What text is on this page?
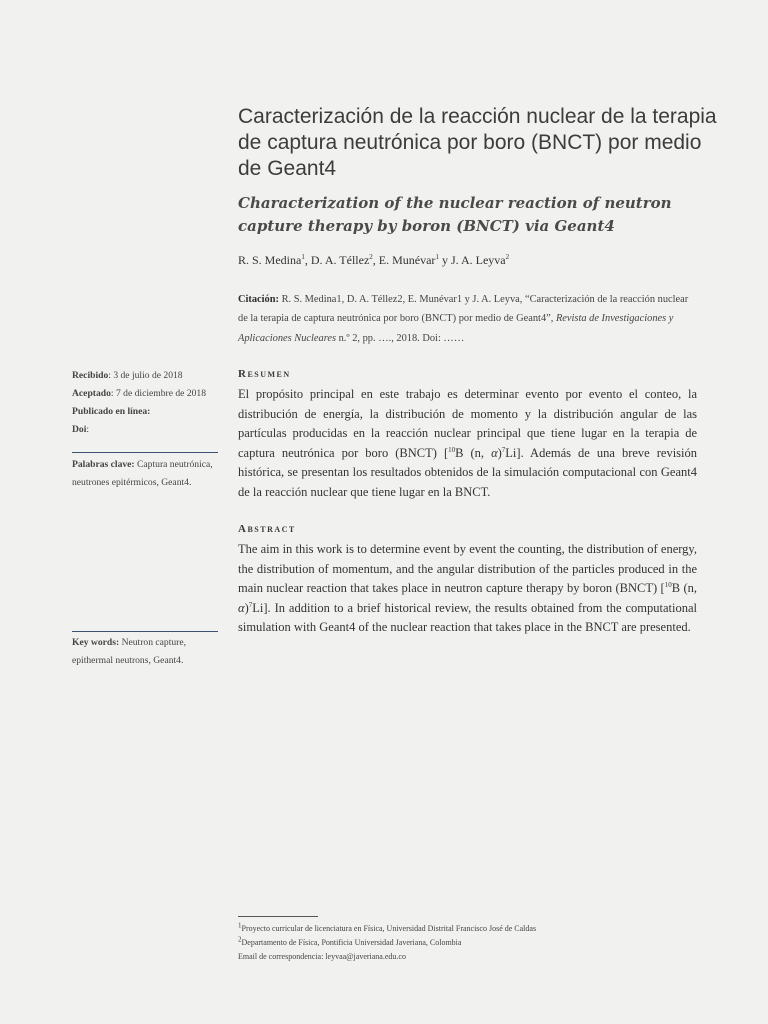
Caracterización de la reacción nuclear de la terapia de captura neutrónica por boro (BNCT) por medio de Geant4
Characterization of the nuclear reaction of neutron capture therapy by boron (BNCT) via Geant4
R. S. Medina$^1$, D. A. Téllez$^2$, E. Munévar$^1$ y J. A. Leyva$^2$
Citación: R. S. Medina1, D. A. Téllez2, E. Munévar1 y J. A. Leyva, “Caracterización de la reacción nuclear de la terapia de captura neutrónica por boro (BNCT) por medio de Geant4”, Revista de Investigaciones y Aplicaciones Nucleares n.º 2, pp. …., 2018. Doi: ……
Recibido: 3 de julio de 2018
Aceptado: 7 de diciembre de 2018
Publicado en línea:
Doi:
Palabras clave: Captura neutrónica, neutrones epitérmicos, Geant4.
Key words: Neutron capture, epithermal neutrons, Geant4.
Resumen
El propósito principal en este trabajo es determinar evento por evento el conteo, la distribución de energía, la distribución de momento y la distribución angular de las partículas producidas en la reacción nuclear principal que tiene lugar en la terapia de captura neutrónica por boro (BNCT) [$^{10}$B (n, α)$^7$Li]. Además de una breve revisión histórica, se presentan los resultados obtenidos de la simulación computacional con Geant4 de la reacción nuclear que tiene lugar en la BNCT.
Abstract
The aim in this work is to determine event by event the counting, the distribution of energy, the distribution of momentum, and the angular distribution of the particles produced in the main nuclear reaction that takes place in neutron capture therapy by boron (BNCT) [$^{10}$B (n, α)$^7$Li]. In addition to a brief historical review, the results obtained from the computational simulation with Geant4 of the nuclear reaction that takes place in the BNCT are presented.
$^1$Proyecto curricular de licenciatura en Física, Universidad Distrital Francisco José de Caldas
$^2$Departamento de Física, Pontificia Universidad Javeriana, Colombia
Email de correspondencia: leyvaa@javeriana.edu.co
